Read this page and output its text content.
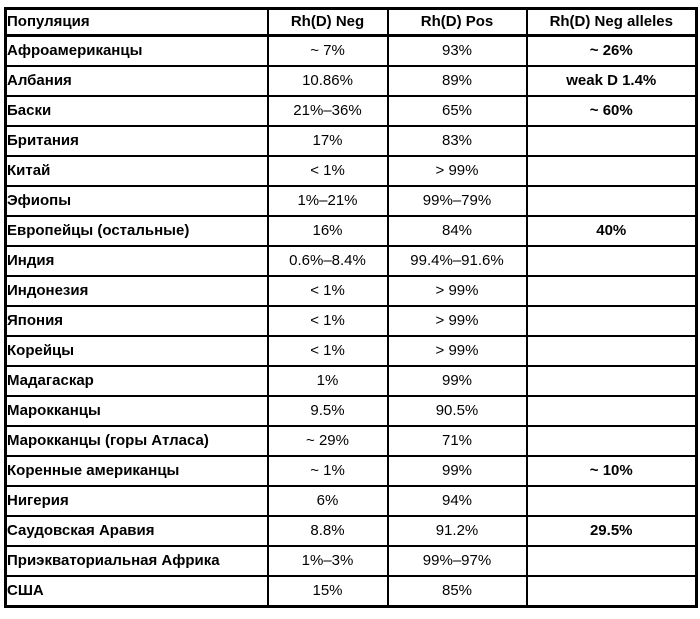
Популяция	Rh(D) Neg	Rh(D) Pos	Rh(D) Neg alleles
Афроамериканцы	~ 7%	93%	~ 26%
Албания	10.86%	89%	weak D 1.4%
Баски	21%–36%	65%	~ 60%
Британия	17%	83%	
Китай	< 1%	> 99%	
Эфиопы	1%–21%	99%–79%	
Европейцы (остальные)	16%	84%	40%
Индия	0.6%–8.4%	99.4%–91.6%	
Индонезия	< 1%	> 99%	
Япония	< 1%	> 99%	
Корейцы	< 1%	> 99%	
Мадагаскар	1%	99%	
Марокканцы	9.5%	90.5%	
Марокканцы (горы Атласа)	~ 29%	71%	
Коренные американцы	~ 1%	99%	~ 10%
Нигерия	6%	94%	
Саудовская Аравия	8.8%	91.2%	29.5%
Приэкваториальная Африка	1%–3%	99%–97%	
США	15%	85%	
